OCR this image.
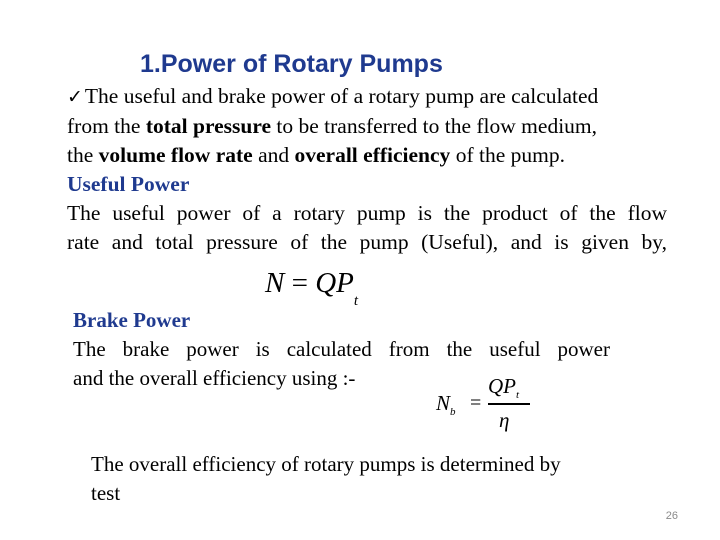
1.Power of Rotary Pumps
✓The useful and brake power of a rotary pump are calculated
from the total pressure to be transferred to the flow medium,
the volume flow rate and overall efficiency of the pump.
Useful Power
The useful power of a rotary pump is the product of the flow
rate and total pressure of the pump (Useful), and is given by,
$N = QP_t$
Brake Power
The brake power is calculated from the useful power
and the overall efficiency using :-
$N_b$ =
$QP_t$
η
The overall efficiency of rotary pumps is determined by
test
26
